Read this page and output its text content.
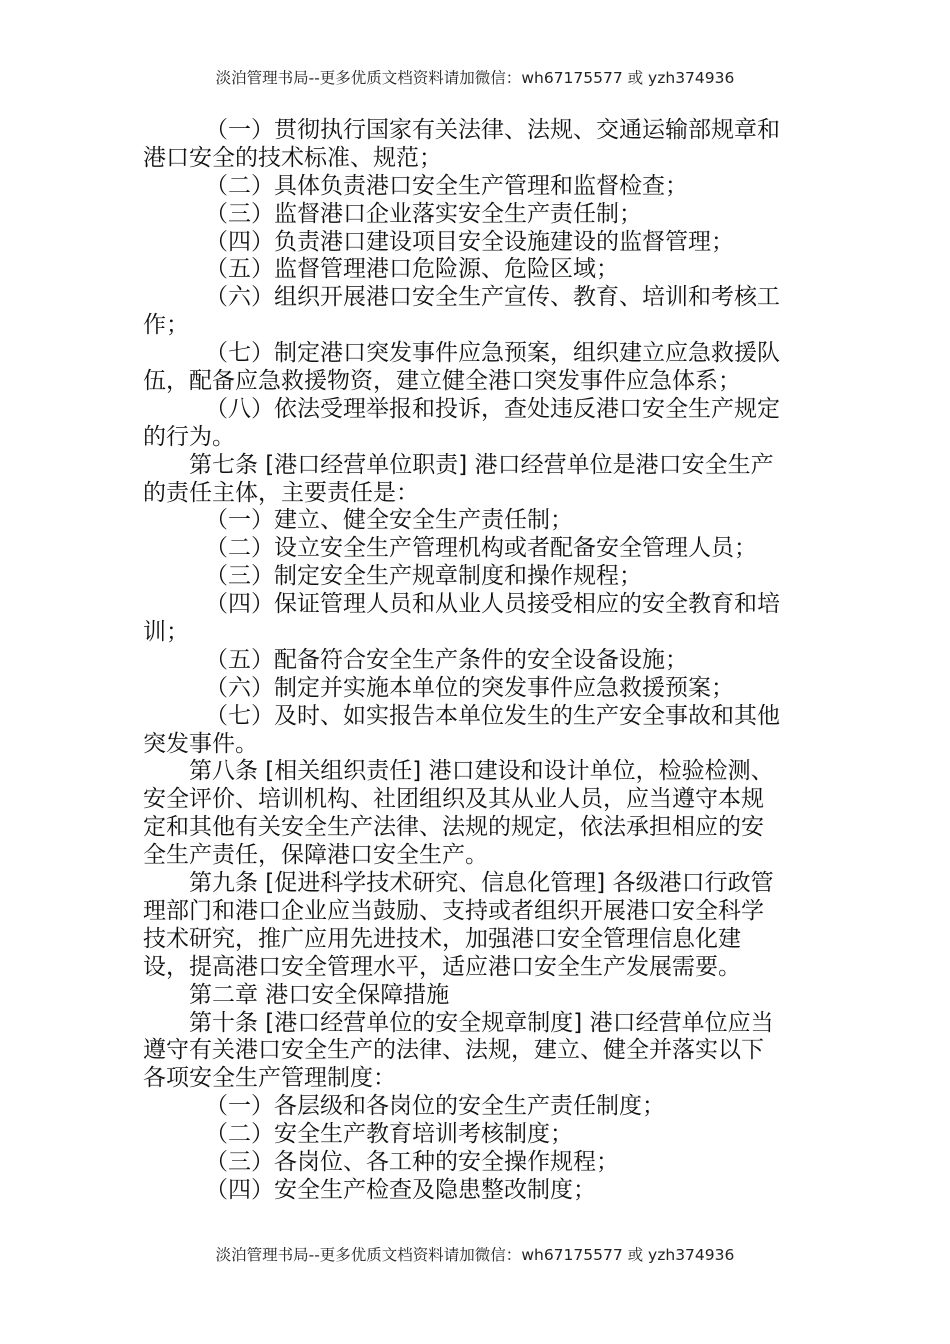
淡泊管理书局--更多优质文档资料请加微信：wh67175577 或 yzh374936
（一）贯彻执行国家有关法律、法规、交通运输部规章和
港口安全的技术标准、规范；
（二）具体负责港口安全生产管理和监督检查；
（三）监督港口企业落实安全生产责任制；
（四）负责港口建设项目安全设施建设的监督管理；
（五）监督管理港口危险源、危险区域；
（六）组织开展港口安全生产宣传、教育、培训和考核工
作；
（七）制定港口突发事件应急预案，组织建立应急救援队
伍，配备应急救援物资，建立健全港口突发事件应急体系；
（八）依法受理举报和投诉，查处违反港口安全生产规定
的行为。
第七条 [港口经营单位职责] 港口经营单位是港口安全生产
的责任主体，主要责任是：
（一）建立、健全安全生产责任制；
（二）设立安全生产管理机构或者配备安全管理人员；
（三）制定安全生产规章制度和操作规程；
（四）保证管理人员和从业人员接受相应的安全教育和培
训；
（五）配备符合安全生产条件的安全设备设施；
（六）制定并实施本单位的突发事件应急救援预案；
（七）及时、如实报告本单位发生的生产安全事故和其他
突发事件。
第八条 [相关组织责任] 港口建设和设计单位，检验检测、
安全评价、培训机构、社团组织及其从业人员，应当遵守本规
定和其他有关安全生产法律、法规的规定，依法承担相应的安
全生产责任，保障港口安全生产。
第九条 [促进科学技术研究、信息化管理] 各级港口行政管
理部门和港口企业应当鼓励、支持或者组织开展港口安全科学
技术研究，推广应用先进技术，加强港口安全管理信息化建
设，提高港口安全管理水平，适应港口安全生产发展需要。
第二章 港口安全保障措施
第十条 [港口经营单位的安全规章制度] 港口经营单位应当
遵守有关港口安全生产的法律、法规，建立、健全并落实以下
各项安全生产管理制度：
（一）各层级和各岗位的安全生产责任制度；
（二）安全生产教育培训考核制度；
（三）各岗位、各工种的安全操作规程；
（四）安全生产检查及隐患整改制度；
淡泊管理书局--更多优质文档资料请加微信：wh67175577 或 yzh374936
